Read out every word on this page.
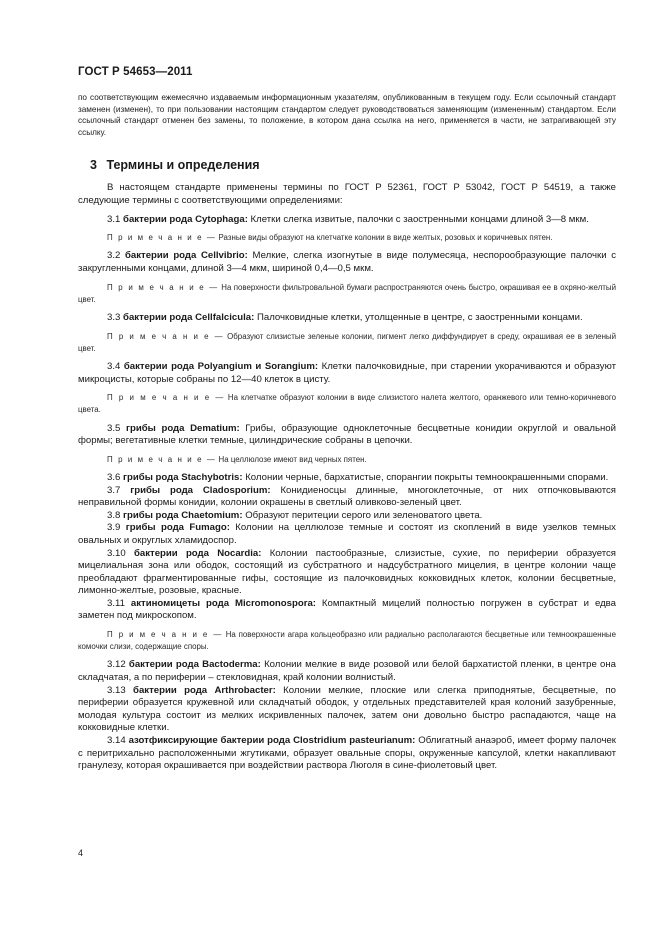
ГОСТ Р 54653—2011

по соответствующим ежемесячно издаваемым информационным указателям, опубликованным в текущем году. Если ссылочный стандарт заменен (изменен), то при пользовании настоящим стандартом следует руководствоваться заменяющим (измененным) стандартом. Если ссылочный стандарт отменен без замены, то положение, в котором дана ссылка на него, применяется в части, не затрагивающей эту ссылку.

3 Термины и определения

В настоящем стандарте применены термины по ГОСТ Р 52361, ГОСТ Р 53042, ГОСТ Р 54519, а также следующие термины с соответствующими определениями:

3.1 бактерии рода Cytophaga: Клетки слегка извитые, палочки с заостренными концами длиной 3—8 мкм.

П р и м е ч а н и е — Разные виды образуют на клетчатке колонии в виде желтых, розовых и коричневых пятен.

3.2 бактерии рода Cellvibrio: Мелкие, слегка изогнутые в виде полумесяца, неспорообразующие палочки с закругленными концами, длиной 3—4 мкм, шириной 0,4—0,5 мкм.

П р и м е ч а н и е — На поверхности фильтровальной бумаги распространяются очень быстро, окрашивая ее в охряно-желтый цвет.

3.3 бактерии рода Cellfalcicula: Палочковидные клетки, утолщенные в центре, с заостренными концами.

П р и м е ч а н и е — Образуют слизистые зеленые колонии, пигмент легко диффундирует в среду, окрашивая ее в зеленый цвет.

3.4 бактерии рода Polyangium и Sorangium: Клетки палочковидные, при старении укорачиваются и образуют микроцисты, которые собраны по 12—40 клеток в цисту.

П р и м е ч а н и е — На клетчатке образуют колонии в виде слизистого налета желтого, оранжевого или темно-коричневого цвета.

3.5 грибы рода Dematium: Грибы, образующие одноклеточные бесцветные конидии округлой и овальной формы; вегетативные клетки темные, цилиндрические собраны в цепочки.

П р и м е ч а н и е — На целлюлозе имеют вид черных пятен.

3.6 грибы рода Stachybotris: Колонии черные, бархатистые, спорангии покрыты темноокрашенными спорами.

3.7 грибы рода Cladosporium: Конидиеносцы длинные, многоклеточные, от них отпочковываются неправильной формы конидии, колонии окрашены в светлый оливково-зеленый цвет.

3.8 грибы рода Chaetomium: Образуют перитеции серого или зеленоватого цвета.

3.9 грибы рода Fumago: Колонии на целлюлозе темные и состоят из скоплений в виде узелков темных овальных и округлых хламидоспор.

3.10 бактерии рода Nocardia: Колонии пастообразные, слизистые, сухие, по периферии образуется мицелиальная зона или ободок, состоящий из субстратного и надсубстратного мицелия, в центре колонии чаще преобладают фрагментированные гифы, состоящие из палочковидных кокковидных клеток, колонии бесцветные, лимонно-желтые, розовые, красные.

3.11 актиномицеты рода Micromonospora: Компактный мицелий полностью погружен в субстрат и едва заметен под микроскопом.

П р и м е ч а н и е — На поверхности агара кольцеобразно или радиально располагаются бесцветные или темноокрашенные комочки слизи, содержащие споры.

3.12 бактерии рода Bactoderma: Колонии мелкие в виде розовой или белой бархатистой пленки, в центре она складчатая, а по периферии – стекловидная, край колонии волнистый.

3.13 бактерии рода Arthrobacter: Колонии мелкие, плоские или слегка приподнятые, бесцветные, по периферии образуется кружевной или складчатый ободок, у отдельных представителей края колоний зазубренные, молодая культура состоит из мелких искривленных палочек, затем они довольно быстро распадаются, чаще на кокковидные клетки.

3.14 азотфиксирующие бактерии рода Clostridium pasteurianum: Облигатный анаэроб, имеет форму палочек с перитрихально расположенными жгутиками, образует овальные споры, окруженные капсулой, клетки накапливают гранулезу, которая окрашивается при воздействии раствора Люголя в сине-фиолетовый цвет.

4
